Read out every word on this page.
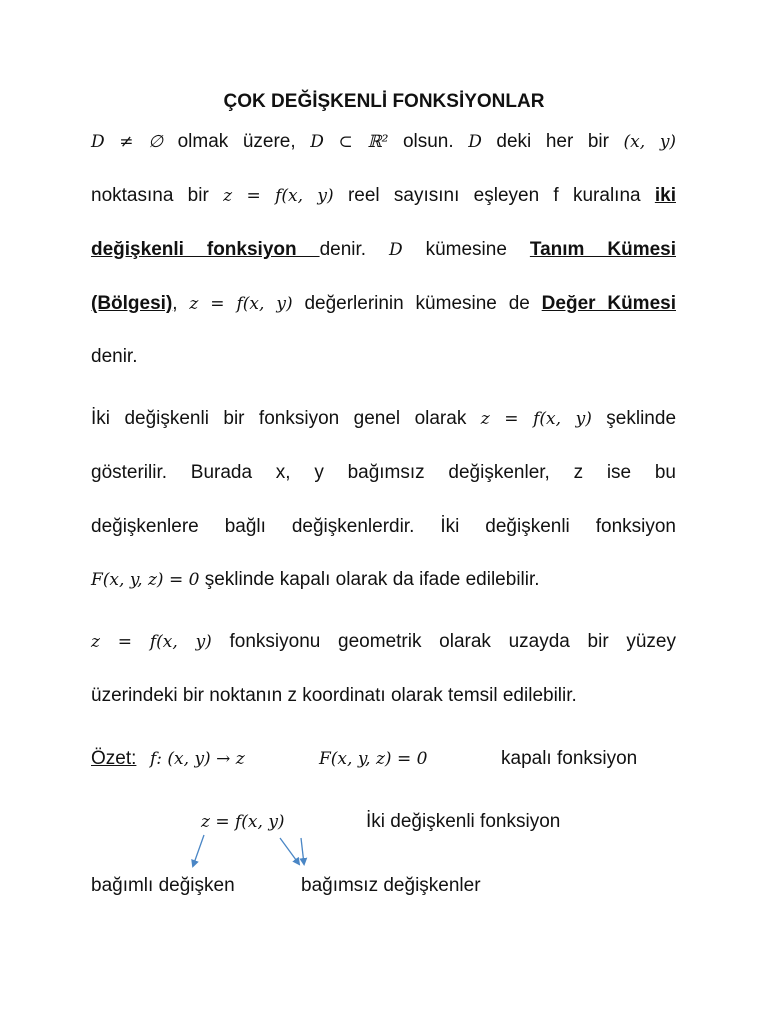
ÇOK DEĞİŞKENLİ FONKSİYONLAR
D ≠ ∅ olmak üzere, D ⊂ ℝ² olsun. D deki her bir (x, y)
noktasına bir z = f(x, y) reel sayısını eşleyen f kuralına iki
değişkenli fonksiyon denir. D kümesine Tanım Kümesi
(Bölgesi), z = f(x, y) değerlerinin kümesine de Değer Kümesi
denir.
İki değişkenli bir fonksiyon genel olarak z = f(x, y) şeklinde
gösterilir. Burada x, y bağımsız değişkenler, z ise bu
değişkenlere bağlı değişkenlerdir. İki değişkenli fonksiyon
F(x, y, z) = 0 şeklinde kapalı olarak da ifade edilebilir.
z = f(x, y) fonksiyonu geometrik olarak uzayda bir yüzey
üzerindeki bir noktanın z koordinatı olarak temsil edilebilir.
Özet: f: (x, y) → z	F(x, y, z) = 0	kapalı fonksiyon
z = f(x, y)	İki değişkenli fonksiyon
bağımlı değişken	bağımsız değişkenler
